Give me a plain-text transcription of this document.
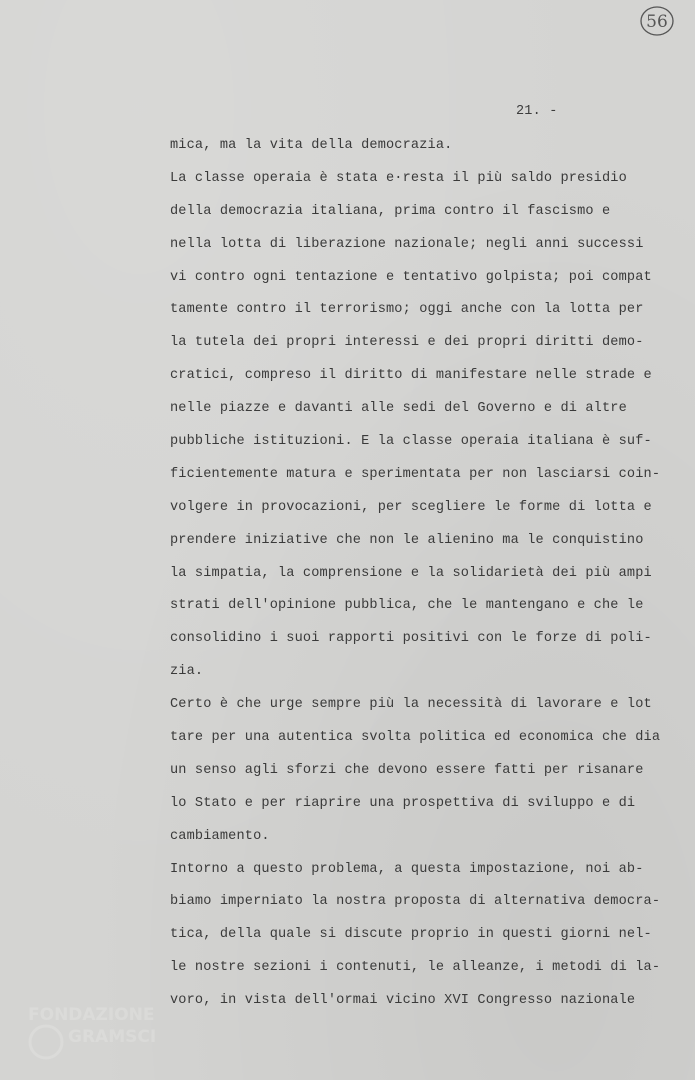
56
21. -
mica, ma la vita della democrazia.
La classe operaia è stata e·resta il più saldo presidio
della democrazia italiana, prima contro il fascismo e
nella lotta di liberazione nazionale; negli anni successi
vi contro ogni tentazione e tentativo golpista; poi compat
tamente contro il terrorismo; oggi anche con la lotta per
la tutela dei propri interessi e dei propri diritti demo-
cratici, compreso il diritto di manifestare nelle strade e
nelle piazze e davanti alle sedi del Governo e di altre
pubbliche istituzioni. E la classe operaia italiana è suf-
ficientemente matura e sperimentata per non lasciarsi coin-
volgere in provocazioni, per scegliere le forme di lotta e
prendere iniziative che non le alienino ma le conquistino
la simpatia, la comprensione e la solidarietà dei più ampi
strati dell'opinione pubblica, che le mantengano e che le
consolidino i suoi rapporti positivi con le forze di poli-
zia.
Certo è che urge sempre più la necessità di lavorare e lot
tare per una autentica svolta politica ed economica che dia
un senso agli sforzi che devono essere fatti per risanare
lo Stato e per riaprire una prospettiva di sviluppo e di
cambiamento.
Intorno a questo problema, a questa impostazione, noi ab-
biamo imperniato la nostra proposta di alternativa democra-
tica, della quale si discute proprio in questi giorni nel-
le nostre sezioni i contenuti, le alleanze, i metodi di la-
voro, in vista dell'ormai vicino XVI Congresso nazionale
FONDAZIONE
GRAMSCI
